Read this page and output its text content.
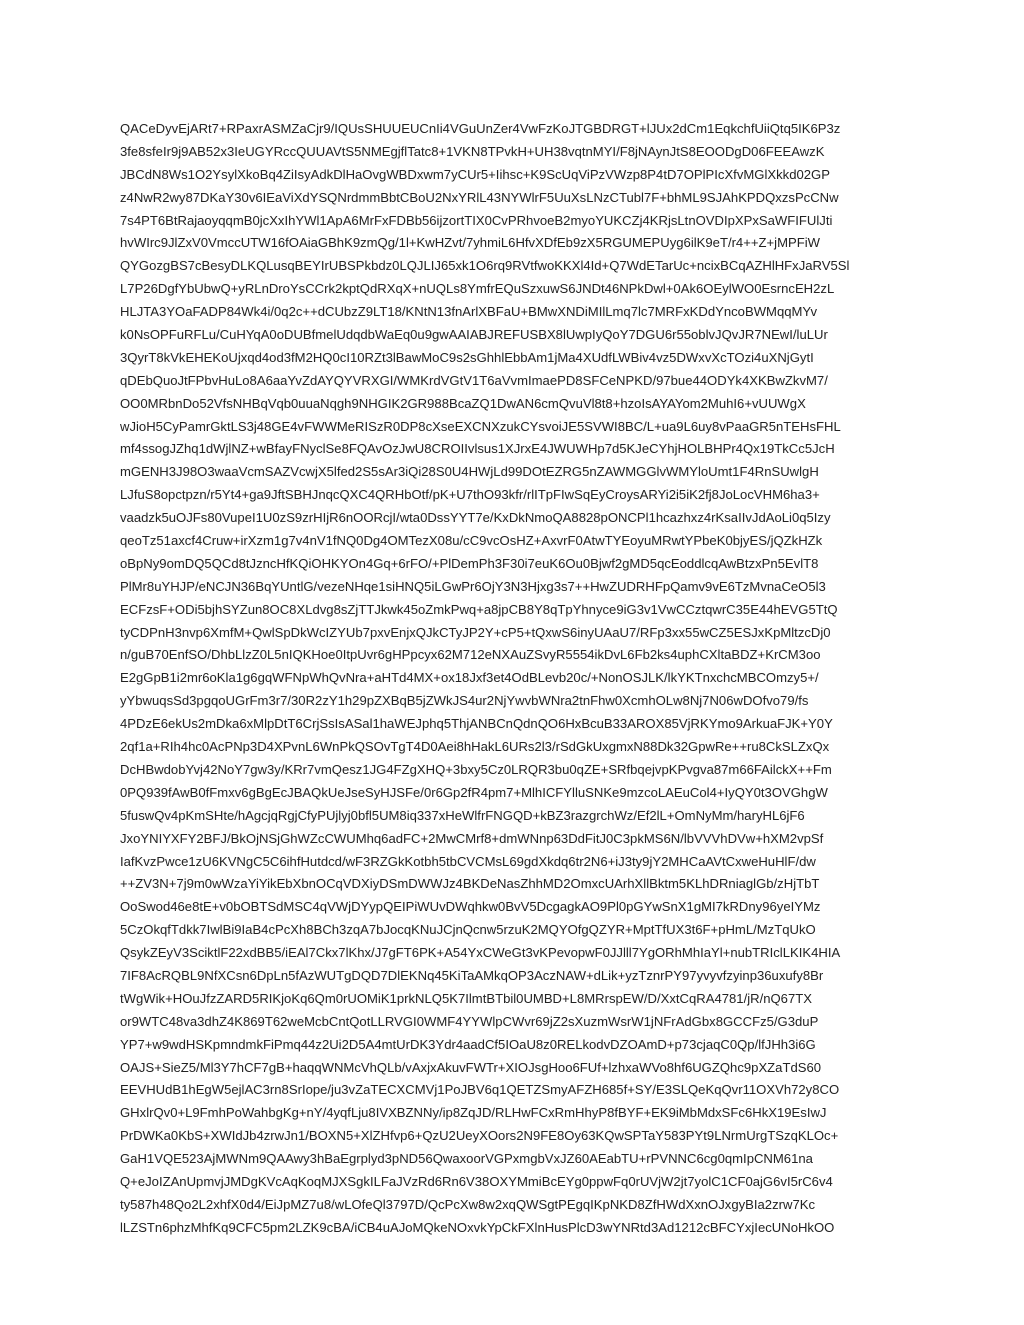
QACeDyvEjARt7+RPaxrASMZaCjr9/IQUsSHUUEUCnIi4VGuUnZer4VwFzKoJTGBDRGT+lJUx2dCm1EqkchfUiiQtq5IK6P3z
3fe8sfeIr9j9AB52x3IeUGYRccQUUAVtS5NMEgjflTatc8+1VKN8TPvkH+UH38vqtnMYI/F8jNAynJtS8EOODgD06FEEAwzK
JBCdN8Ws1O2YsylXkoBq4ZiIsyAdkDlHaOvgWBDxwm7yCUr5+Iihsc+K9ScUqViPzVWzp8P4tD7OPlPIcXfvMGlXkkd02GP
z4NwR2wy87DKaY30v6IEaViXdYSQNrdmmBbtCBoU2NxYRlL43NYWlrF5UuXsLNzCTubl7F+bhML9SJAhKPDQxzsPcCNw
7s4PT6BtRajaoyqqmB0jcXxIhYWl1ApA6MrFxFDBb56ijzortTIX0CvPRhvoeB2myoYUKCZj4KRjsLtnOVDIpXPxSaWFIFUlJti
hvWIrc9JlZxV0VmccUTW16fOAiaGBhK9zmQg/1l+KwHZvt/7yhmiL6HfvXDfEb9zX5RGUMEPUyg6ilK9eT/r4++Z+jMPFiW
QYGozgBS7cBesyDLKQLusqBEYIrUBSPkbdz0LQJLIJ65xk1O6rq9RVtfwoKKXl4Id+Q7WdETarUc+ncixBCqAZHlHFxJaRV5Sl
L7P26DgfYbUbwQ+yRLnDroYsCCrk2kptQdRXqX+nUQLs8YmfrEQuSzxuwS6JNDt46NPkDwl+0Ak6OEylWO0EsrncEH2zL
HLJTA3YOaFADP84Wk4i/0q2c++dCUbzZ9LT18/KNtN13fnArlXBFaU+BMwXNDiMIlLmq7lc7MRFxKDdYncoBWMqqMYv
k0NsOPFuRFLu/CuHYqA0oDUBfmelUdqdbWaEq0u9gwAAIABJREFUSBX8lUwpIyQoY7DGU6r55oblvJQvJR7NEwI/luLUr
3QyrT8kVkEHEKoUjxqd4od3fM2HQ0cI10RZt3lBawMoC9s2sGhhlEbbAm1jMa4XUdfLWBiv4vz5DWxvXcTOzi4uXNjGytI
qDEbQuoJtFPbvHuLo8A6aaYvZdAYQYVRXGI/WMKrdVGtV1T6aVvmImaePD8SFCeNPKD/97bue44ODYk4XKBwZkvM7/
OO0MRbnDo52VfsNHBqVqb0uuaNqgh9NHGIK2GR988BcaZQ1DwAN6cmQvuVl8t8+hzoIsAYAYom2MuhI6+vUUWgX
wJioH5CyPamrGktLS3j48GE4vFWWMeRISzR0DP8cXseEXCNXzukCYsvoiJE5SVWI8BC/L+ua9L6uy8vPaaGR5nTEHsFHL
mf4ssogJZhq1dWjlNZ+wBfayFNyclSe8FQAvOzJwU8CROIIvlsus1XJrxE4JWUWHp7d5KJeCYhjHOLBHPr4Qx19TkCc5JcH
mGENH3J98O3waaVcmSAZVcwjX5lfed2S5sAr3iQi28S0U4HWjLd99DOtEZRG5nZAWMGGlvWMYloUmt1F4RnSUwlgH
LJfuS8opctpzn/r5Yt4+ga9JftSBHJnqcQXC4QRHbOtf/pK+U7thO93kfr/rlITpFIwSqEyCroysARYi2i5iK2fj8JoLocVHM6ha3+
vaadzk5uOJFs80VupeI1U0zS9zrHIjR6nOORcjI/wta0DssYYT7e/KxDkNmoQA8828pONCPl1hcazhxz4rKsaIIvJdAoLi0q5Izy
qeoTz51axcf4Cruw+irXzm1g7v4nV1fNQ0Dg4OMTezX08u/cC9vcOsHZ+AxvrF0AtwTYEoyuMRwtYPbeK0bjyES/jQZkHZk
oBpNy9omDQ5QCd8tJzncHfKQiOHKYOn4Gq+6rFO/+PlDemPh3F30i7euK6Ou0Bjwf2gMD5qcEoddlcqAwBtzxPn5EvlT8
PlMr8uYHJP/eNCJN36BqYUntlG/vezeNHqe1siHNQ5iLGwPr6OjY3N3Hjxg3s7++HwZUDRHFpQamv9vE6TzMvnaCeO5l3
ECFzsF+ODi5bjhSYZun8OC8XLdvg8sZjTTJkwk45oZmkPwq+a8jpCB8Y8qTpYhnyce9iG3v1VwCCztqwrC35E44hEVG5TtQ
tyCDPnH3nvp6XmfM+QwlSpDkWcIZYUb7pxvEnjxQJkCTyJP2Y+cP5+tQxwS6inyUAaU7/RFp3xx55wCZ5ESJxKpMltzcDj0
n/guB70EnfSO/DhbLlzZ0L5nIQKHoe0ItpUvr6gHPpcyx62M712eNXAuZSvyR5554ikDvL6Fb2ks4uphCXltaBDZ+KrCM3oo
E2gGpB1i2mr6oKla1g6gqWFNpWhQvNra+aHTd4MX+ox18Jxf3et4OdBLevb20c/+NonOSJLK/lkYKTnxchcMBCOmzy5+/
yYbwuqsSd3pgqoUGrFm3r7/30R2zY1h29pZXBqB5jZWkJS4ur2NjYwvbWNra2tnFhw0XcmhOLw8Nj7N06wDOfvo79/fs
4PDzE6ekUs2mDka6xMlpDtT6CrjSsIsASal1haWEJphq5ThjANBCnQdnQO6HxBcuB33AROX85VjRKYmo9ArkuaFJK+Y0Y
2qf1a+RIh4hc0AcPNp3D4XPvnL6WnPkQSOvTgT4D0Aei8hHakL6URs2l3/rSdGkUxgmxN88Dk32GpwRe++ru8CkSLZxQx
DcHBwdobYvj42NoY7gw3y/KRr7vmQesz1JG4FZgXHQ+3bxy5Cz0LRQR3bu0qZE+SRfbqejvpKPvgva87m66FAilckX++Fm
0PQ939fAwB0fFmxv6gBgEcJBAQkUeJseSyHJSFe/0r6Gp2fR4pm7+MlhICFYlluSNKe9mzcoLAEuCol4+IyQY0t3OVGhgW
5fuswQv4pKmSHte/hAgcjqRgjCfyPUjlyj0bfl5UM8iq337xHeWlfrFNGQD+kBZ3razgrchWz/Ef2lL+OmNyMm/haryHL6jF6
JxoYNIYXFY2BFJ/BkOjNSjGhWZcCWUMhq6adFC+2MwCMrf8+dmWNnp63DdFitJ0C3pkMS6N/lbVVVhDVw+hXM2vpSf
IafKvzPwce1zU6KVNgC5C6ihfHutdcd/wF3RZGkKotbh5tbCVCMsL69gdXkdq6tr2N6+iJ3ty9jY2MHCaAVtCxweHuHlF/dw
++ZV3N+7j9m0wWzaYiYikEbXbnOCqVDXiyDSmDWWJz4BKDeNasZhhMD2OmxcUArhXllBktm5KLhDRniaglGb/zHjTbT
OoSwod46e8tE+v0bOBTSdMSC4qVWjDYypQEIPiWUvDWqhkw0BvV5DcgagkAO9Pl0pGYwSnX1gMI7kRDny96yeIYMz
5CzOkqfTdkk7IwlBi9IaB4cPcXh8BCh3zqA7bJocqKNuJCjnQcnw5rzuK2MQYOfgQZYR+MptTfUX3t6F+pHmL/MzTqUkO
QsykZEyV3SciktlF22xdBB5/iEAl7Ckx7lKhx/J7gFT6PK+A54YxCWeGt3vKPevopwF0JJlll7YgORhMhIaYl+nubTRIclLKIK4HIA
7IF8AcRQBL9NfXCsn6DpLn5fAzWUTgDQD7DlEKNq45KiTaAMkqOP3AczNAW+dLik+yzTznrPY97yvyvfzyinp36uxufy8Br
tWgWik+HOuJfzZARD5RIKjoKq6Qm0rUOMiK1prkNLQ5K7IlmtBTbil0UMBD+L8MRrspEW/D/XxtCqRA4781/jR/nQ67TX
or9WTC48va3dhZ4K869T62weMcbCntQotLLRVGI0WMF4YYWlpCWvr69jZ2sXuzmWsrW1jNFrAdGbx8GCCFz5/G3duP
YP7+w9wdHSKpmndmkFiPmq44z2Ui2D5A4mtUrDK3Ydr4aadCf5IOaU8z0RELkodvDZOAmD+p73cjaqC0Qp/lfJHh3i6G
OAJS+SieZ5/Ml3Y7hCF7gB+haqqWNMcVhQLb/vAxjxAkuvFWTr+XIOJsgHoo6FUf+lzhxaWVo8hf6UGZQhc9pXZaTdS60
EEVHUdB1hEgW5ejlAC3rn8SrIope/ju3vZaTECXCMVj1PoJBV6q1QETZSmyAFZH685f+SY/E3SLQeKqQvr11OXVh72y8CO
GHxlrQv0+L9FmhPoWahbgKg+nY/4yqfLju8IVXBZNNy/ip8ZqJD/RLHwFCxRmHhyP8fBYF+EK9iMbMdxSFc6HkX19EsIwJ
PrDWKa0KbS+XWIdJb4zrwJn1/BOXN5+XlZHfvp6+QzU2UeyXOors2N9FE8Oy63KQwSPTaY583PYt9LNrmUrgTSzqKLOc+
GaH1VQE523AjMWNm9QAAwy3hBaEgrplyd3pND56QwaxoorVGPxmgbVxJZ60AEabTU+rPVNNC6cg0qmIpCNM61na
Q+eJoIZAnUpmvjJMDgKVcAqKoqMJXSgkILFaJVzRd6Rn6V38OXYMmiBcEYg0ppwFq0rUVjW2jt7yolC1CF0ajG6vI5rC6v4
ty587h48Qo2L2xhfX0d4/EiJpMZ7u8/wLOfeQl3797D/QcPcXw8w2xqQWSgtPEgqIKpNKD8ZfHWdXxnOJxgyBIa2zrw7Kc
lLZSTn6phzMhfKq9CFC5pm2LZK9cBA/iCB4uAJoMQkeNOxvkYpCkFXlnHusPlcD3wYNRtd3Ad1212cBFCYxjIecUNoHkOO
